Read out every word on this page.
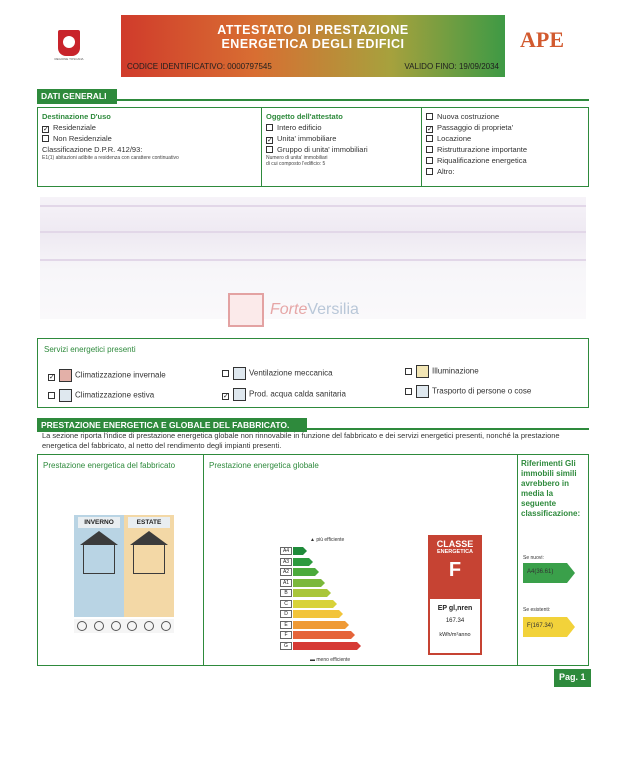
REGIONE TOSCANA
ATTESTATO DI PRESTAZIONE
ENERGETICA DEGLI EDIFICI
CODICE IDENTIFICATIVO: 0000797545	VALIDO FINO: 19/09/2034
APE
DATI GENERALI
Destinazione D'uso
✓ Residenziale
Non Residenziale
Classificazione D.P.R. 412/93:
E1(1) abitazioni adibite a residenza con carattere continuativo
Oggetto dell'attestato
Intero edificio
✓ Unita' immobiliare
Gruppo di unita' immobiliari
Numero di unita' immobiliari
di cui composto l'edificio: 5
Nuova costruzione
✓ Passaggio di proprieta'
Locazione
Ristrutturazione importante
Riqualificazione energetica
Altro:
ForteVersilia
Servizi energetici presenti
✓	Climatizzazione invernale
Climatizzazione estiva
Ventilazione meccanica
✓	Prod. acqua calda sanitaria
Illuminazione
Trasporto di persone o cose
PRESTAZIONE ENERGETICA E GLOBALE DEL FABBRICATO.
La sezione riporta l'indice di prestazione energetica globale non rinnovabile in funzione del fabbricato e dei servizi energetici presenti, nonché la prestazione energetica del fabbricato, al netto del rendimento degli impianti presenti.
Prestazione energetica del fabbricato
INVERNO	ESTATE
Prestazione energetica globale
▲ più efficiente
A4
A3
A2
A1
B
C
D
E
F
G
▬ meno efficiente
CLASSE
ENERGETICA
F
EP gl,nren
167.34
kWh/m²anno
Riferimenti Gli immobili simili avrebbero in media la seguente classificazione:
Se nuovi:
A4(36.61)
Se esistenti:
F(167.34)
Pag. 1
